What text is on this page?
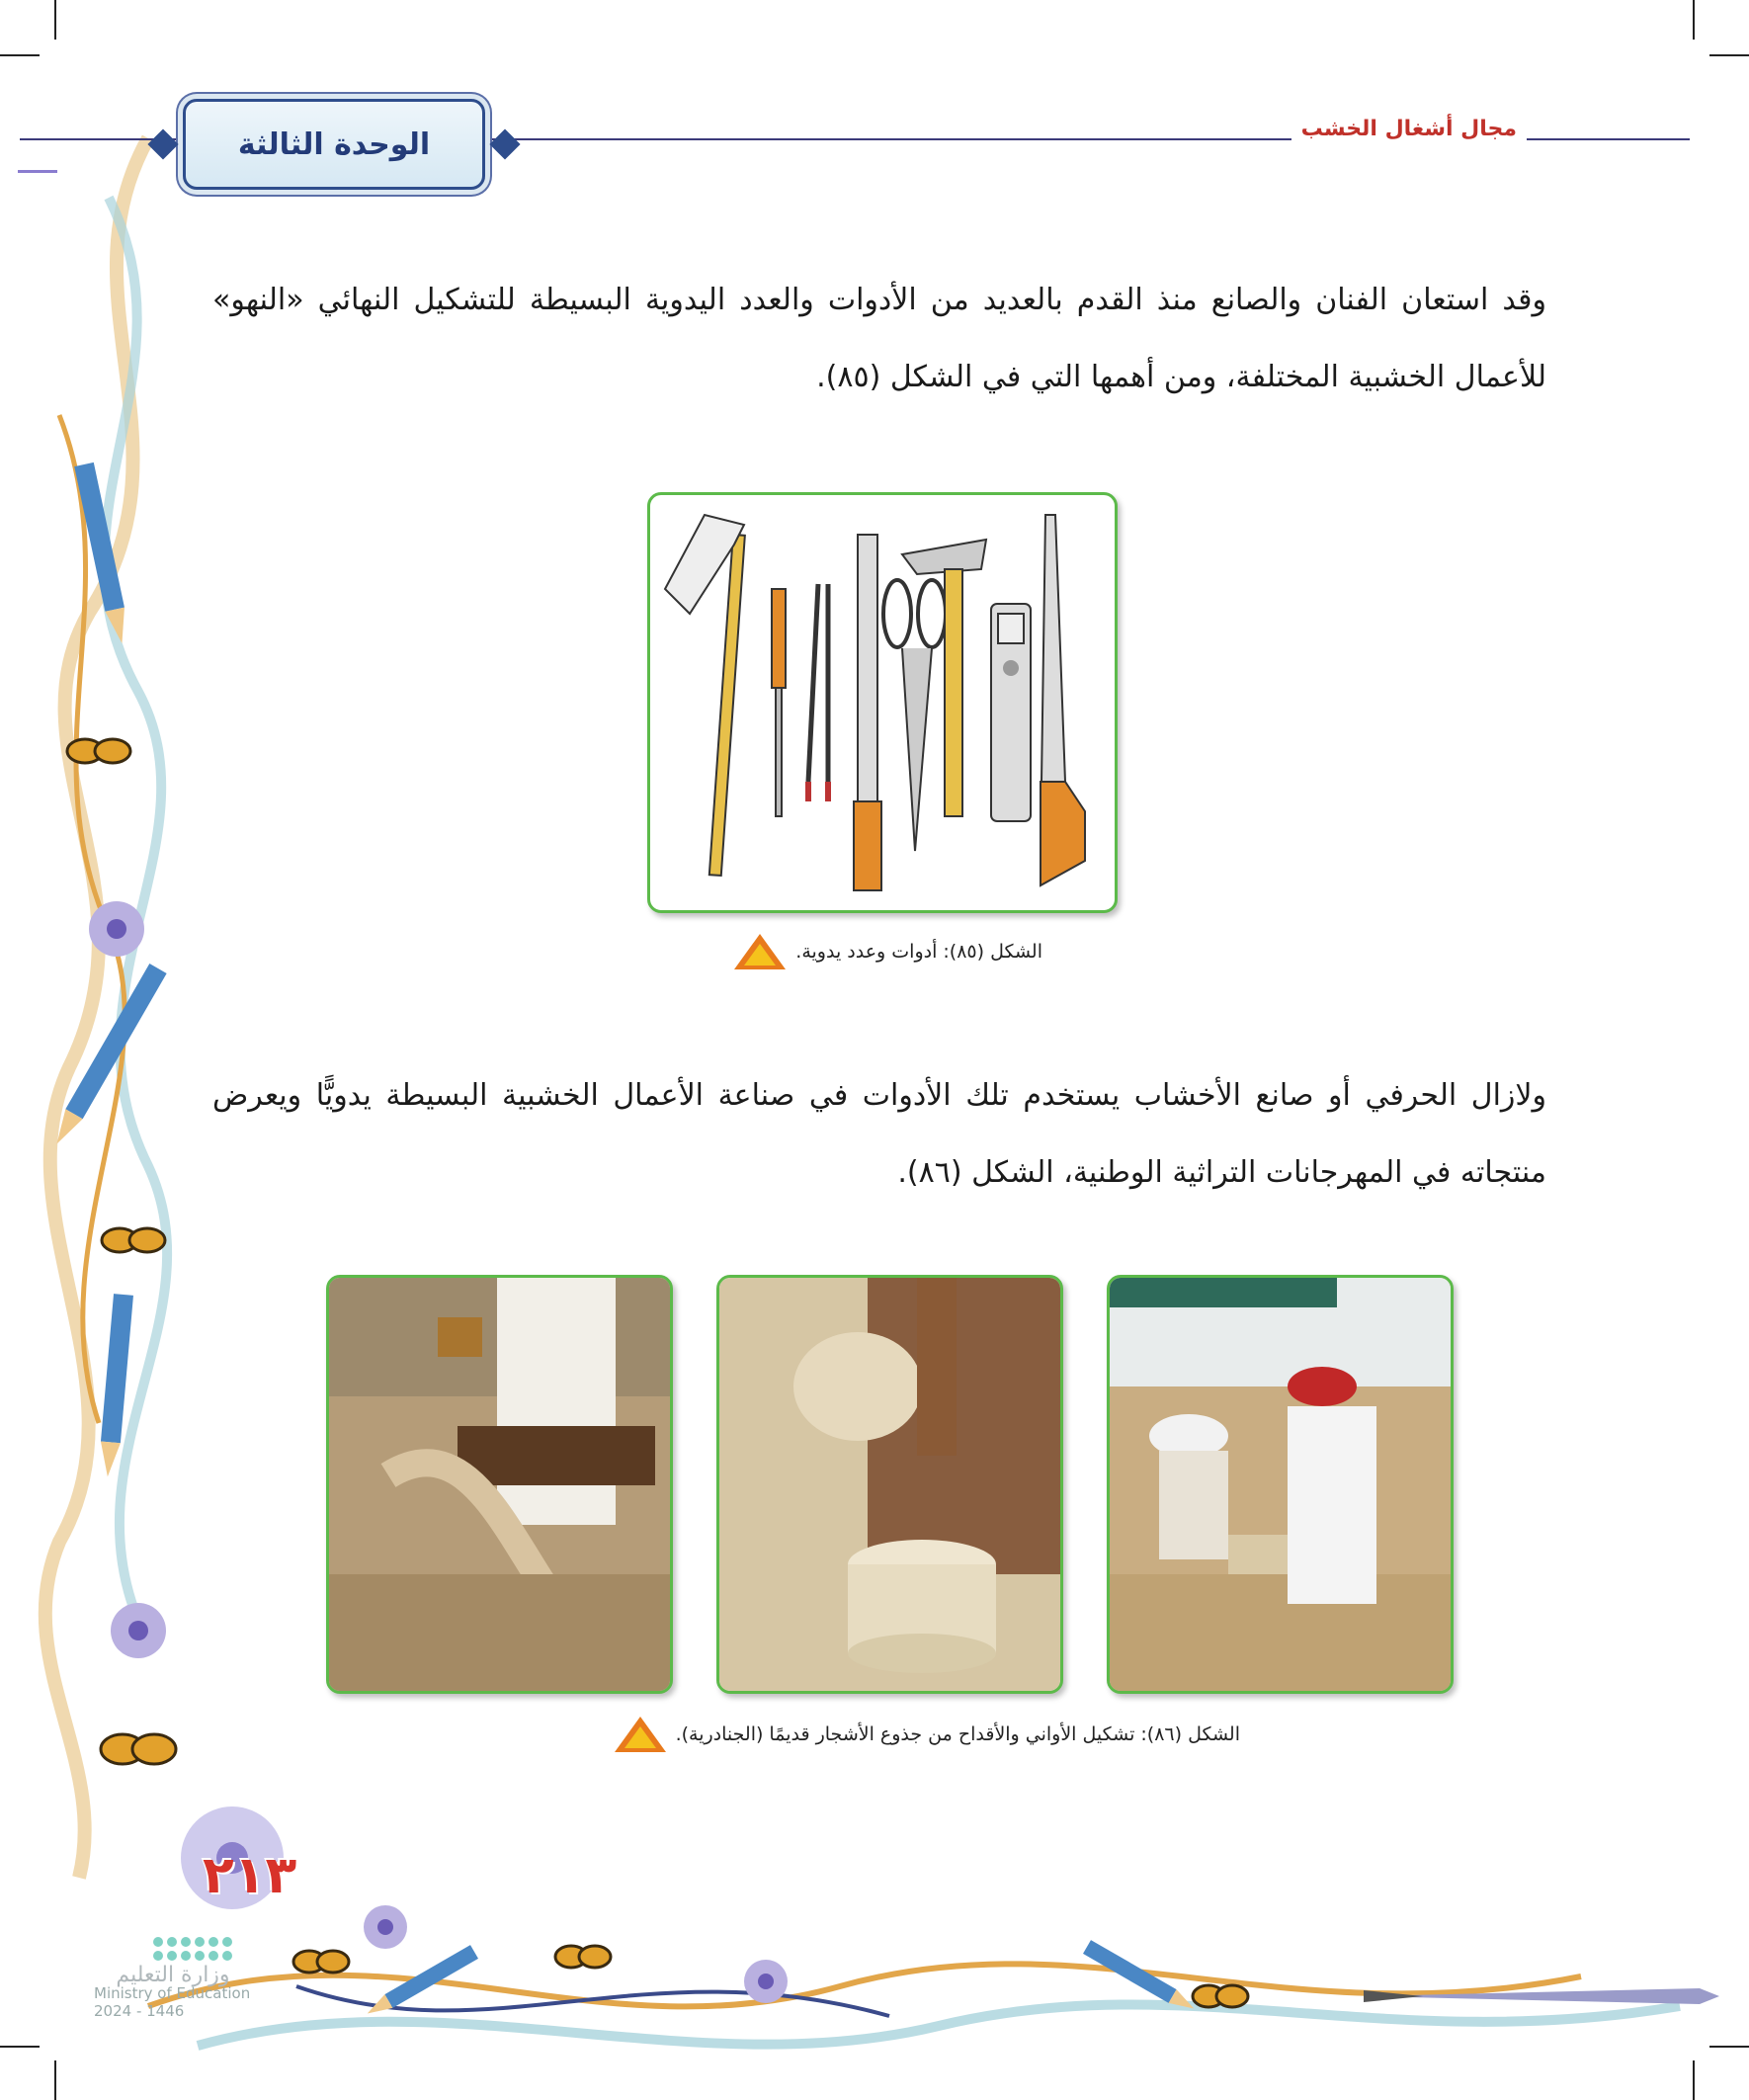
مجال أشغال الخشب
الوحدة الثالثة

وقد استعان الفنان والصانع منذ القدم بالعديد من الأدوات والعدد اليدوية البسيطة للتشكيل النهائي «النهو» للأعمال الخشبية المختلفة، ومن أهمها التي في الشكل (٨٥).

الشكل (٨٥): أدوات وعدد يدوية.

ولازال الحرفي أو صانع الأخشاب يستخدم تلك الأدوات في صناعة الأعمال الخشبية البسيطة يدويًّا ويعرض منتجاته في المهرجانات التراثية الوطنية، الشكل (٨٦).

الشكل (٨٦): تشكيل الأواني والأقداح من جذوع الأشجار قديمًا (الجنادرية).
٢١٣
وزارة التعليم
Ministry of Education
2024 - 1446
